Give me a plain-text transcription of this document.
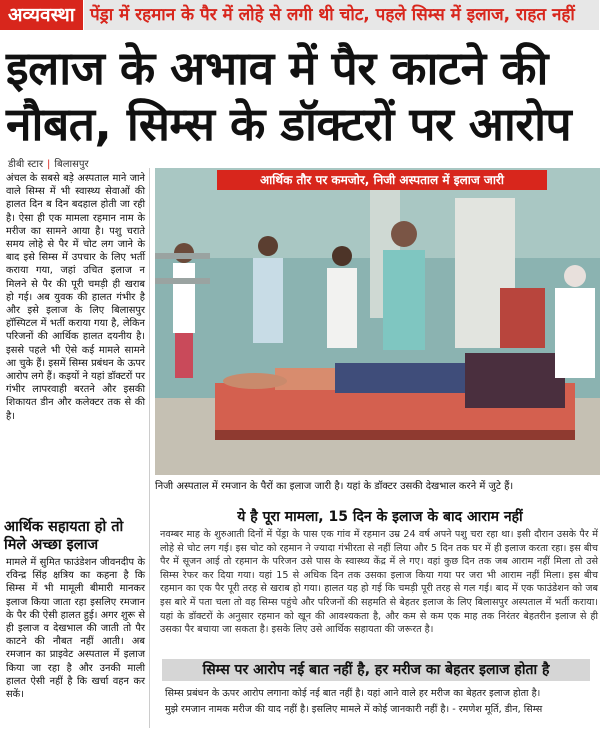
अव्यवस्था पेंड्रा में रहमान के पैर में लोहे से लगी थी चोट, पहले सिम्स में इलाज, राहत नहीं
इलाज के अभाव में पैर काटने की
नौबत, सिम्स के डॉक्टरों पर आरोप
डीबी स्टार | बिलासपुर

अंचल के सबसे बड़े अस्पताल माने जाने वाले सिम्स में भी स्वास्थ्य सेवाओं की हालत दिन ब दिन बदहाल होती जा रही है। ऐसा ही एक मामला रहमान नाम के मरीज का सामने आया है। पशु चराते समय लोहे से पैर में चोट लग जाने के बाद इसे सिम्स में उपचार के लिए भर्ती कराया गया, जहां उचित इलाज न मिलने से पैर की पूरी चमड़ी ही खराब हो गई। अब युवक की हालत गंभीर है और इसे इलाज के लिए बिलासपुर हॉस्पिटल में भर्ती कराया गया है, लेकिन परिजनों की आर्थिक हालत दयनीय है। इससे पहले भी ऐसे कई मामले सामने आ चुके हैं। इसमें सिम्स प्रबंधन के ऊपर आरोप लगे हैं। कइयों ने यहां डॉक्टरों पर गंभीर लापरवाही बरतने और इसकी शिकायत डीन और कलेक्टर तक से की है।

आर्थिक सहायता हो तो मिले अच्छा इलाज
मामले में सुमित फाउंडेशन जीवनदीप के रविन्द्र सिंह क्षत्रिय का कहना है कि सिम्स में भी मामूली बीमारी मानकर इलाज किया जाता रहा इसलिए रमजान के पैर की ऐसी हालत हुई। अगर शुरू से ही इलाज व देखभाल की जाती तो पैर काटने की नौबत नहीं आती। अब रमजान का प्राइवेट अस्पताल में इलाज किया जा रहा है और उनकी माली हालत ऐसी नहीं है कि खर्चा वहन कर सकें।
आर्थिक तौर पर कमजोर, निजी अस्पताल में इलाज जारी
निजी अस्पताल में रमजान के पैरों का इलाज जारी है। यहां के डॉक्टर उसकी देखभाल करने में जुटे हैं।
ये है पूरा मामला, 15 दिन के इलाज के बाद आराम नहीं
नवम्बर माह के शुरुआती दिनों में पेंड्रा के पास एक गांव में रहमान उम्र 24 वर्ष अपने पशु चरा रहा था। इसी दौरान उसके पैर में लोहे से चोट लग गई। इस चोट को रहमान ने ज्यादा गंभीरता से नहीं लिया और 5 दिन तक घर में ही इलाज करता रहा। इस बीच पैर में सूजन आई तो रहमान के परिजन उसे पास के स्वास्थ्य केंद्र में ले गए। वहां कुछ दिन तक जब आराम नहीं मिला तो उसे सिम्स रेफर कर दिया गया। यहां 15 से अधिक दिन तक उसका इलाज किया गया पर जरा भी आराम नहीं मिला। इस बीच रहमान का एक पैर पूरी तरह से खराब हो गया। हालत यह हो गई कि चमड़ी पूरी तरह से गल गई। बाद में एक फाउंडेशन को जब इस बारे में पता चला तो वह सिम्स पहुंचे और परिजनों की सहमति से बेहतर इलाज के लिए बिलासपुर अस्पताल में भर्ती कराया। यहां के डॉक्टरों के अनुसार रहमान को खून की आवश्यकता है, और कम से कम एक माह तक निरंतर बेहतरीन इलाज से ही उसका पैर बचाया जा सकता है। इसके लिए उसे आर्थिक सहायता की जरूरत है।
सिम्स पर आरोप नई बात नहीं है, हर मरीज का बेहतर इलाज होता है
सिम्स प्रबंधन के ऊपर आरोप लगाना कोई नई बात नहीं है। यहां आने वाले हर मरीज का बेहतर इलाज होता है।
मुझे रमजान नामक मरीज की याद नहीं है। इसलिए मामले में कोई जानकारी नहीं है। - रमणेश मूर्ति, डीन, सिम्स
